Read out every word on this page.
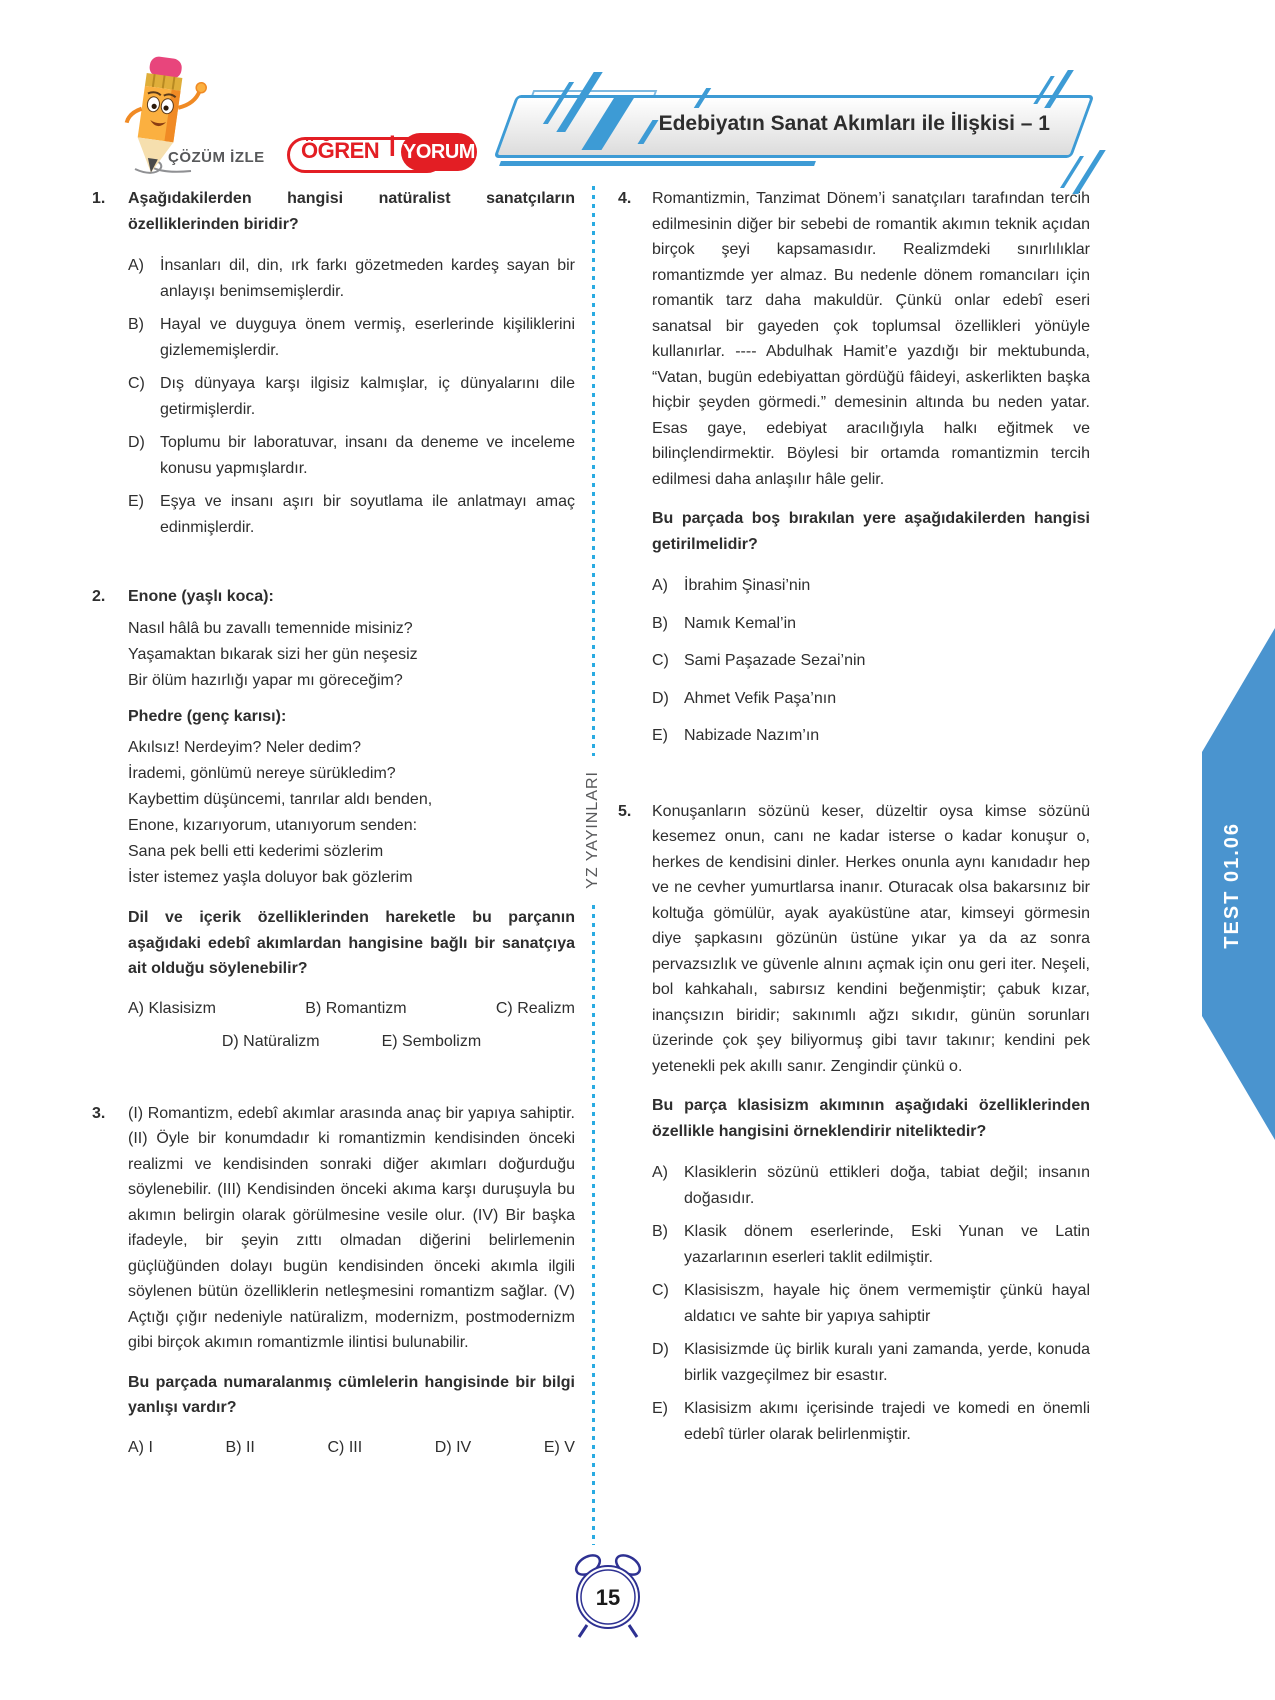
ÇÖZÜM İZLE ÖĞREN İ YORUM
Edebiyatın Sanat Akımları ile İlişkisi – 1
YZ YAYINLARI	TEST 01.06
1. Aşağıdakilerden hangisi natüralist sanatçıların özelliklerinden biridir?
A)	İnsanları dil, din, ırk farkı gözetmeden kardeş sayan bir anlayışı benimsemişlerdir.
B)	Hayal ve duyguya önem vermiş, eserlerinde kişiliklerini gizlememişlerdir.
C) Dış dünyaya karşı ilgisiz kalmışlar, iç dünyalarını dile getirmişlerdir.
D) Toplumu bir laboratuvar, insanı da deneme ve inceleme konusu yapmışlardır.
E)	Eşya ve insanı aşırı bir soyutlama ile anlatmayı amaç edinmişlerdir.
2. Enone (yaşlı koca):
Nasıl hâlâ bu zavallı temennide misiniz?
Yaşamaktan bıkarak sizi her gün neşesiz
Bir ölüm hazırlığı yapar mı göreceğim?
Phedre (genç karısı):
Akılsız! Nerdeyim? Neler dedim?
İrademi, gönlümü nereye sürükledim?
Kaybettim düşüncemi, tanrılar aldı benden,
Enone, kızarıyorum, utanıyorum senden:
Sana pek belli etti kederimi sözlerim
İster istemez yaşla doluyor bak gözlerim
Dil ve içerik özelliklerinden hareketle bu parçanın aşağıdaki edebî akımlardan hangisine bağlı bir sanatçıya ait olduğu söylenebilir?
A) Klasisizm	B) Romantizm	C) Realizm
D) Natüralizm	E) Sembolizm
3. (I) Romantizm, edebî akımlar arasında anaç bir yapıya sahiptir. (II) Öyle bir konumdadır ki romantizmin kendisinden önceki realizmi ve kendisinden sonraki diğer akımları doğurduğu söylenebilir. (III) Kendisinden önceki akıma karşı duruşuyla bu akımın belirgin olarak görülmesine vesile olur. (IV) Bir başka ifadeyle, bir şeyin zıttı olmadan diğerini belirlemenin güçlüğünden dolayı bugün kendisinden önceki akımla ilgili söylenen bütün özelliklerin netleşmesini romantizm sağlar. (V) Açtığı çığır nedeniyle natüralizm, modernizm, postmodernizm gibi birçok akımın romantizmle ilintisi bulunabilir.
Bu parçada numaralanmış cümlelerin hangisinde bir bilgi yanlışı vardır?
A) I	B) II	C) III	D) IV	E) V
4. Romantizmin, Tanzimat Dönem’i sanatçıları tarafından tercih edilmesinin diğer bir sebebi de romantik akımın teknik açıdan birçok şeyi kapsamasıdır. Realizmdeki sınırlılıklar romantizmde yer almaz. Bu nedenle dönem romancıları için romantik tarz daha makuldür. Çünkü onlar edebî eseri sanatsal bir gayeden çok toplumsal özellikleri yönüyle kullanırlar. ---- Abdulhak Hamit’e yazdığı bir mektubunda, “Vatan, bugün edebiyattan gördüğü fâideyi, askerlikten başka hiçbir şeyden görmedi.” demesinin altında bu neden yatar. Esas gaye, edebiyat aracılığıyla halkı eğitmek ve bilinçlendirmektir. Böylesi bir ortamda romantizmin tercih edilmesi daha anlaşılır hâle gelir.
Bu parçada boş bırakılan yere aşağıdakilerden hangisi getirilmelidir?
A)	İbrahim Şinasi’nin
B)	Namık Kemal’in
C) Sami Paşazade Sezai’nin
D) Ahmet Vefik Paşa’nın
E)	Nabizade Nazım’ın
5. Konuşanların sözünü keser, düzeltir oysa kimse sözünü kesemez onun, canı ne kadar isterse o kadar konuşur o, herkes de kendisini dinler. Herkes onunla aynı kanıdadır hep ve ne cevher yumurtlarsa inanır. Oturacak olsa bakarsınız bir koltuğa gömülür, ayak ayaküstüne atar, kimseyi görmesin diye şapkasını gözünün üstüne yıkar ya da az sonra pervazsızlık ve güvenle alnını açmak için onu geri iter. Neşeli, bol kahkahalı, sabırsız kendini beğenmiştir; çabuk kızar, inançsızın biridir; sakınımlı ağzı sıkıdır, günün sorunları üzerinde çok şey biliyormuş gibi tavır takınır; kendini pek yetenekli pek akıllı sanır. Zengindir çünkü o.
Bu parça klasisizm akımının aşağıdaki özelliklerinden özellikle hangisini örneklendirir niteliktedir?
A)	Klasiklerin sözünü ettikleri doğa, tabiat değil; insanın doğasıdır.
B)	Klasik dönem eserlerinde, Eski Yunan ve Latin yazarlarının eserleri taklit edilmiştir.
C) Klasisiszm, hayale hiç önem vermemiştir çünkü hayal aldatıcı ve sahte bir yapıya sahiptir
D) Klasisizmde üç birlik kuralı yani zamanda, yerde, konuda birlik vazgeçilmez bir esastır.
E)	Klasisizm akımı içerisinde trajedi ve komedi en önemli edebî türler olarak belirlenmiştir.
15
